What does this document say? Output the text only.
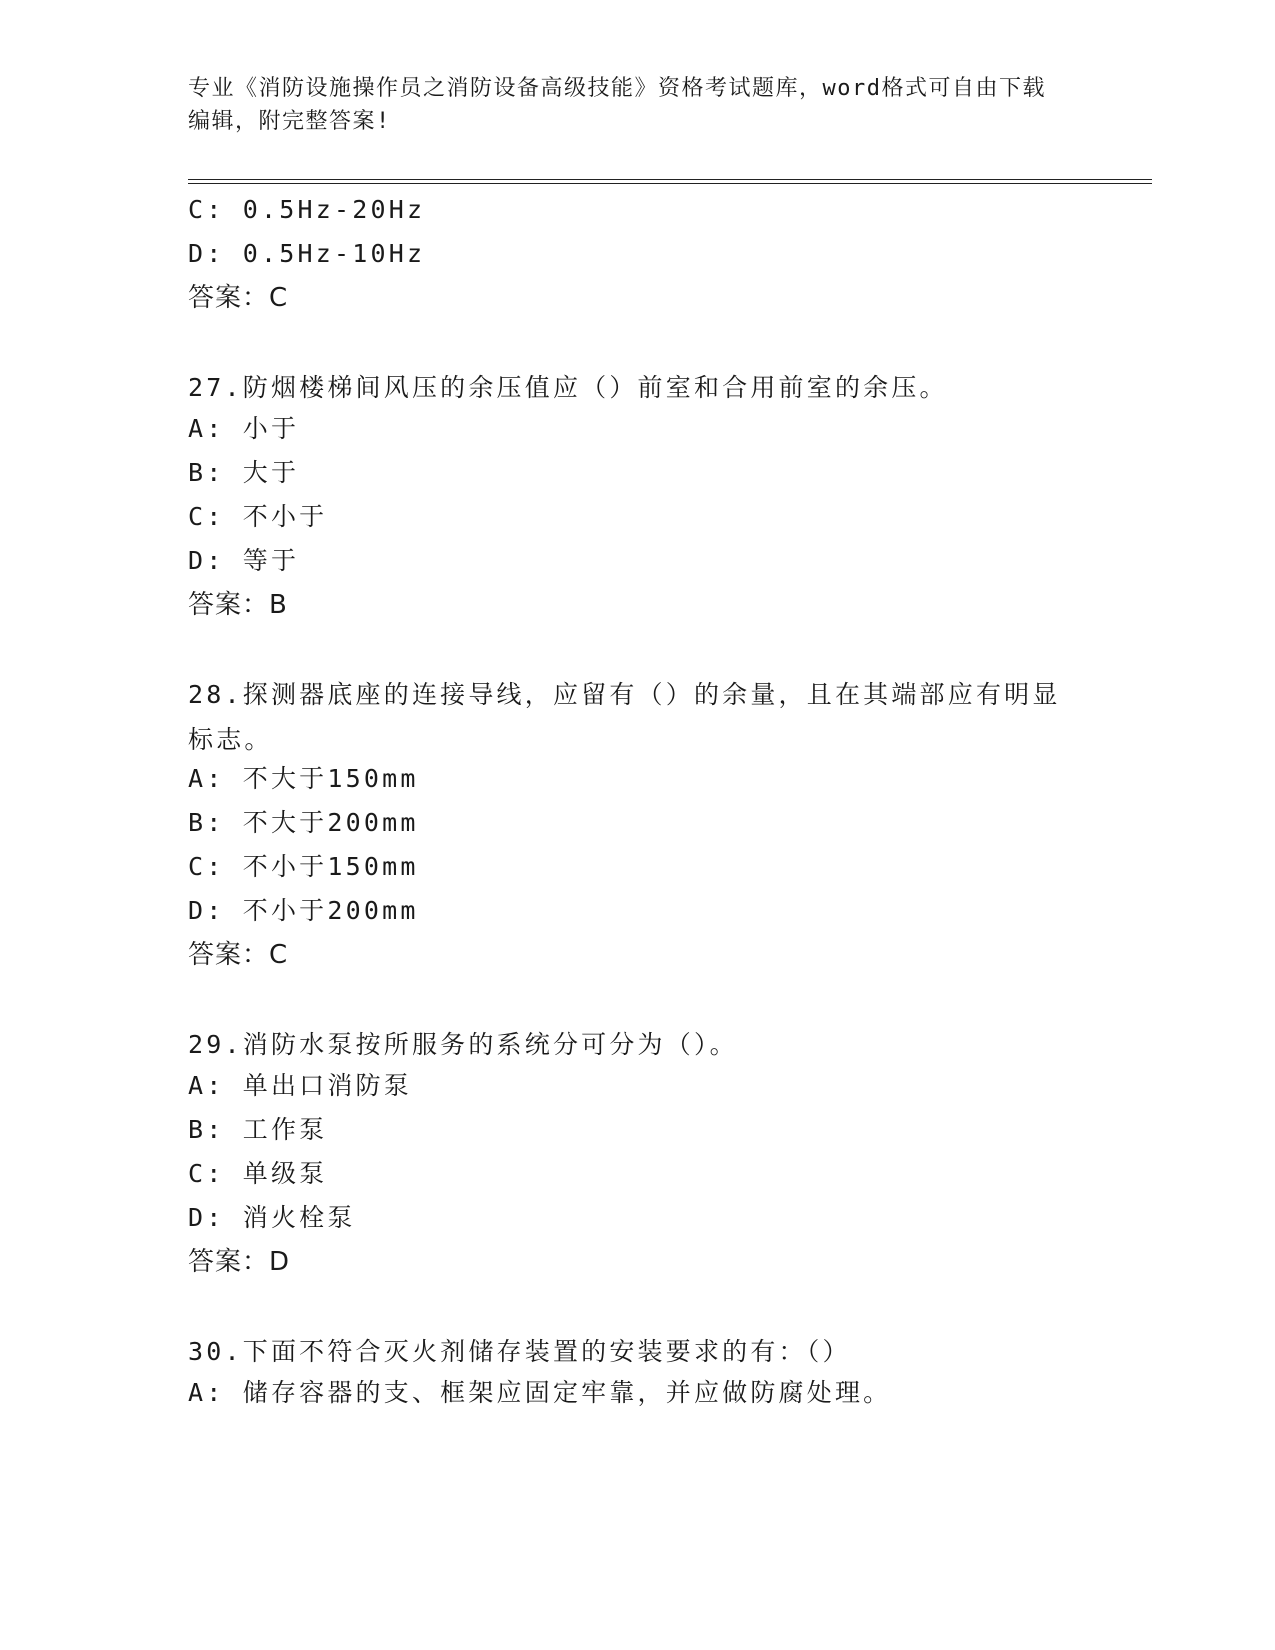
专业《消防设施操作员之消防设备高级技能》资格考试题库，word格式可自由下载编辑，附完整答案!
C: 0.5Hz-20Hz
D: 0.5Hz-10Hz
答案：C
27.防烟楼梯间风压的余压值应（）前室和合用前室的余压。
A: 小于
B: 大于
C: 不小于
D: 等于
答案：B
28.探测器底座的连接导线，应留有（）的余量，且在其端部应有明显标志。
A: 不大于150mm
B: 不大于200mm
C: 不小于150mm
D: 不小于200mm
答案：C
29.消防水泵按所服务的系统分可分为（）。
A: 单出口消防泵
B: 工作泵
C: 单级泵
D: 消火栓泵
答案：D
30.下面不符合灭火剂储存装置的安装要求的有：（）
A: 储存容器的支、框架应固定牢靠，并应做防腐处理。
